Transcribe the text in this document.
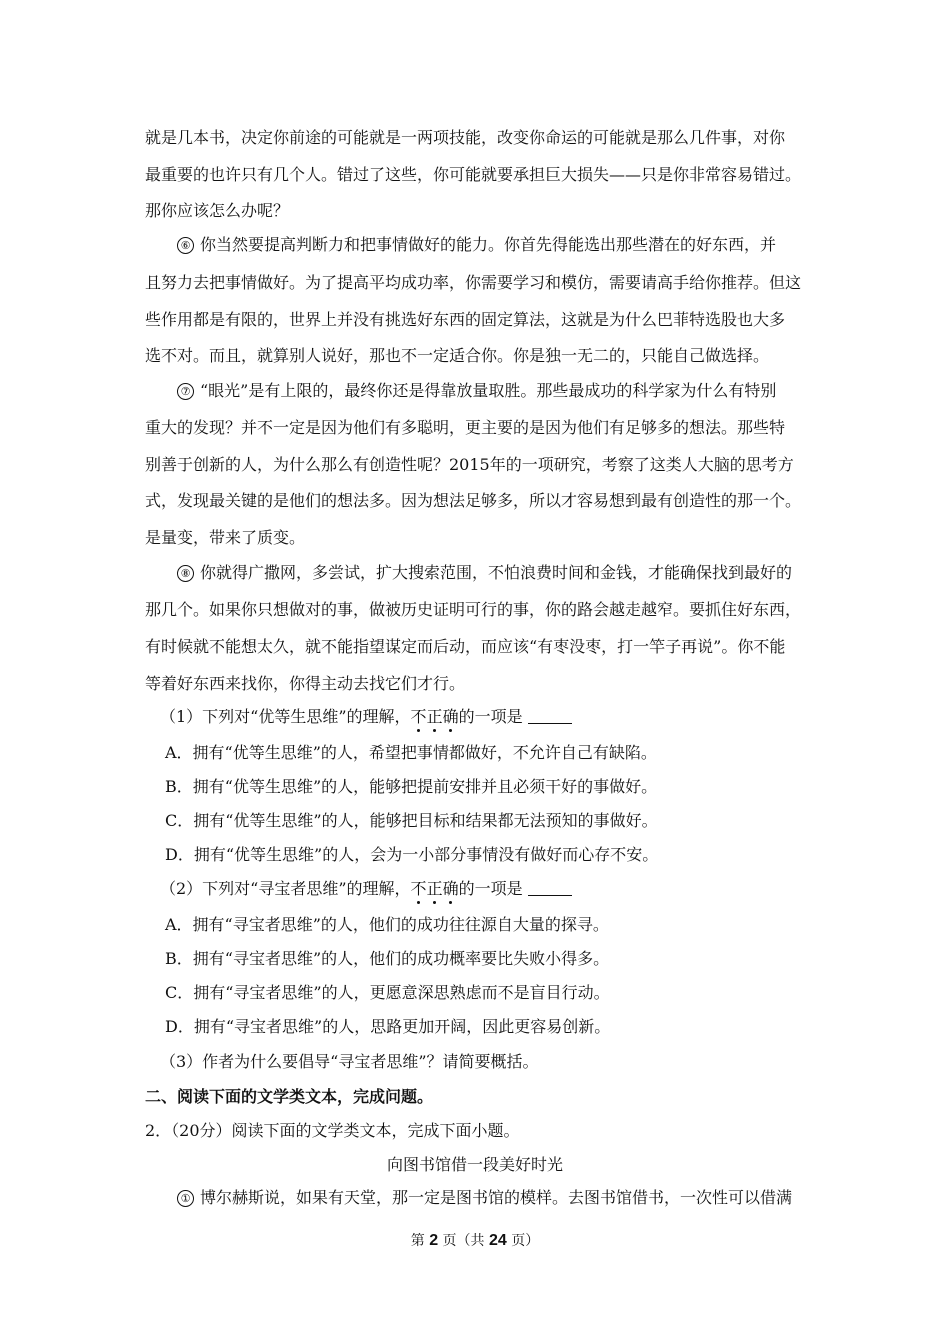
就是几本书，决定你前途的可能就是一两项技能，改变你命运的可能就是那么几件事，对你
最重要的也许只有几个人。错过了这些，你可能就要承担巨大损失——只是你非常容易错过。
那你应该怎么办呢？
⑥ 你当然要提高判断力和把事情做好的能力。你首先得能选出那些潜在的好东西，并
且努力去把事情做好。为了提高平均成功率，你需要学习和模仿，需要请高手给你推荐。但这
些作用都是有限的，世界上并没有挑选好东西的固定算法，这就是为什么巴菲特选股也大多
选不对。而且，就算别人说好，那也不一定适合你。你是独一无二的，只能自己做选择。
⑦ “眼光”是有上限的，最终你还是得靠放量取胜。那些最成功的科学家为什么有特别
重大的发现？并不一定是因为他们有多聪明，更主要的是因为他们有足够多的想法。那些特
别善于创新的人，为什么那么有创造性呢？2015年的一项研究，考察了这类人大脑的思考方
式，发现最关键的是他们的想法多。因为想法足够多，所以才容易想到最有创造性的那一个。
是量变，带来了质变。
⑧ 你就得广撒网，多尝试，扩大搜索范围，不怕浪费时间和金钱，才能确保找到最好的
那几个。如果你只想做对的事，做被历史证明可行的事，你的路会越走越窄。要抓住好东西，
有时候就不能想太久，就不能指望谋定而后动，而应该“有枣没枣，打一竿子再说”。你不能
等着好东西来找你，你得主动去找它们才行。
（1）下列对“优等生思维”的理解，不正确的一项是
A．拥有“优等生思维”的人，希望把事情都做好，不允许自己有缺陷。
B．拥有“优等生思维”的人，能够把提前安排并且必须干好的事做好。
C．拥有“优等生思维”的人，能够把目标和结果都无法预知的事做好。
D．拥有“优等生思维”的人，会为一小部分事情没有做好而心存不安。
（2）下列对“寻宝者思维”的理解，不正确的一项是
A．拥有“寻宝者思维”的人，他们的成功往往源自大量的探寻。
B．拥有“寻宝者思维”的人，他们的成功概率要比失败小得多。
C．拥有“寻宝者思维”的人，更愿意深思熟虑而不是盲目行动。
D．拥有“寻宝者思维”的人，思路更加开阔，因此更容易创新。
（3）作者为什么要倡导“寻宝者思维”？请简要概括。
二、阅读下面的文学类文本，完成问题。
2．（20分）阅读下面的文学类文本，完成下面小题。
向图书馆借一段美好时光
① 博尔赫斯说，如果有天堂，那一定是图书馆的模样。去图书馆借书，一次性可以借满
第 2 页（共 24 页）
